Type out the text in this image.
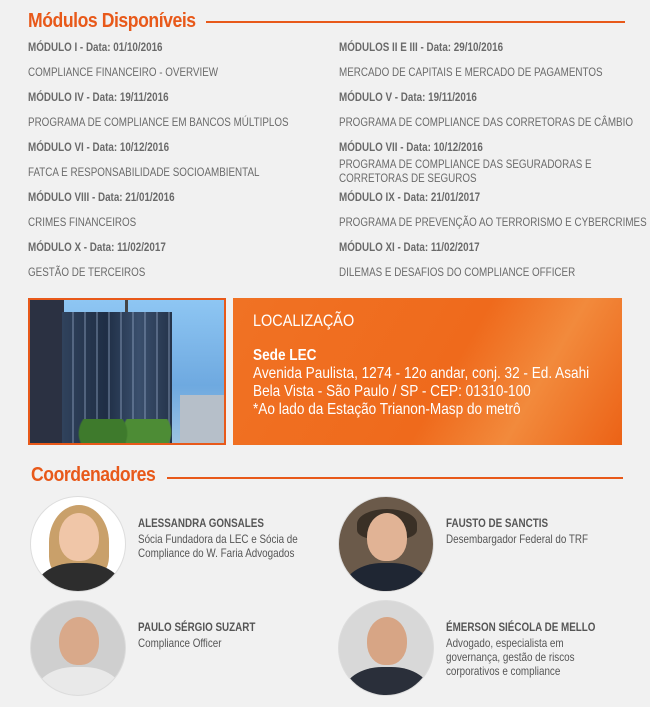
Módulos Disponíveis
MÓDULO I - Data: 01/10/2016
COMPLIANCE FINANCEIRO - OVERVIEW
MÓDULOS II E III - Data: 29/10/2016
MERCADO DE CAPITAIS E MERCADO DE PAGAMENTOS
MÓDULO IV - Data: 19/11/2016
PROGRAMA DE COMPLIANCE EM BANCOS MÚLTIPLOS
MÓDULO V - Data: 19/11/2016
PROGRAMA DE COMPLIANCE DAS CORRETORAS DE CÂMBIO
MÓDULO VI - Data: 10/12/2016
FATCA E RESPONSABILIDADE SOCIOAMBIENTAL
MÓDULO VII - Data: 10/12/2016
PROGRAMA DE COMPLIANCE DAS SEGURADORAS E CORRETORAS DE SEGUROS
MÓDULO VIII - Data: 21/01/2016
CRIMES FINANCEIROS
MÓDULO IX - Data: 21/01/2017
PROGRAMA DE PREVENÇÃO AO TERRORISMO E CYBERCRIMES
MÓDULO X - Data: 11/02/2017
GESTÃO DE TERCEIROS
MÓDULO XI - Data: 11/02/2017
DILEMAS E DESAFIOS DO COMPLIANCE OFFICER
LOCALIZAÇÃO
Sede LEC
Avenida Paulista, 1274 - 12o andar, conj. 32 - Ed. Asahi
Bela Vista - São Paulo / SP - CEP: 01310-100
*Ao lado da Estação Trianon-Masp do metrô
Coordenadores
ALESSANDRA GONSALES
Sócia Fundadora da LEC e Sócia de Compliance do W. Faria Advogados
FAUSTO DE SANCTIS
Desembargador Federal do TRF
PAULO SÉRGIO SUZART
Compliance Officer
ÉMERSON SIÉCOLA DE MELLO
Advogado, especialista em governança, gestão de riscos corporativos e compliance
